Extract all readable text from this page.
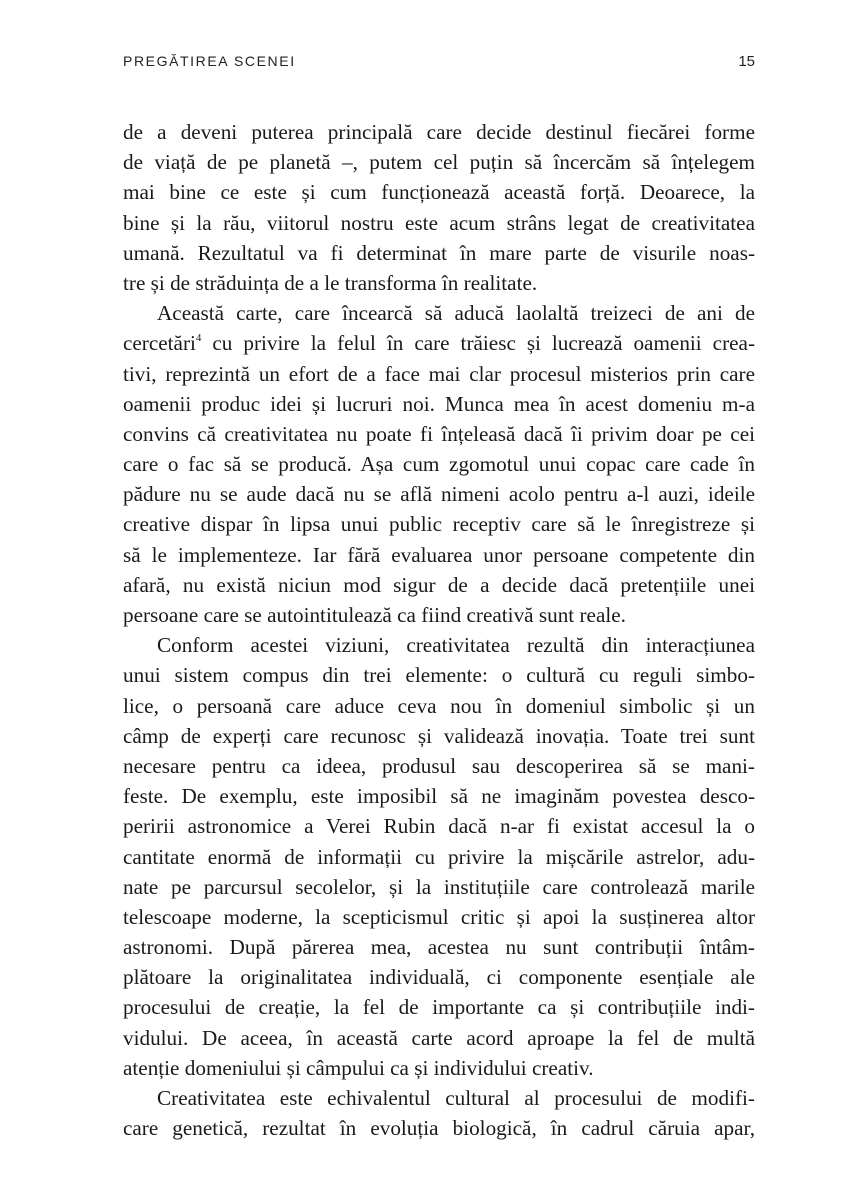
PREGĂTIREA SCENEI	15
de a deveni puterea principală care decide destinul fiecărei forme
de viață de pe planetă –, putem cel puțin să încercăm să înțelegem
mai bine ce este și cum funcționează această forță. Deoarece, la
bine și la rău, viitorul nostru este acum strâns legat de creativitatea
umană. Rezultatul va fi determinat în mare parte de visurile noas-
tre și de străduința de a le transforma în realitate.
Această carte, care încearcă să aducă laolaltă treizeci de ani de
cercetări$^4$ cu privire la felul în care trăiesc și lucrează oamenii crea-
tivi, reprezintă un efort de a face mai clar procesul misterios prin care
oamenii produc idei și lucruri noi. Munca mea în acest domeniu m-a
convins că creativitatea nu poate fi înțeleasă dacă îi privim doar pe cei
care o fac să se producă. Așa cum zgomotul unui copac care cade în
pădure nu se aude dacă nu se află nimeni acolo pentru a-l auzi, ideile
creative dispar în lipsa unui public receptiv care să le înregistreze și
să le implementeze. Iar fără evaluarea unor persoane competente din
afară, nu există niciun mod sigur de a decide dacă pretențiile unei
persoane care se autointitulează ca fiind creativă sunt reale.
Conform acestei viziuni, creativitatea rezultă din interacțiunea
unui sistem compus din trei elemente: o cultură cu reguli simbo-
lice, o persoană care aduce ceva nou în domeniul simbolic și un
câmp de experți care recunosc și validează inovația. Toate trei sunt
necesare pentru ca ideea, produsul sau descoperirea să se mani-
feste. De exemplu, este imposibil să ne imaginăm povestea desco-
peririi astronomice a Verei Rubin dacă n-ar fi existat accesul la o
cantitate enormă de informații cu privire la mișcările astrelor, adu-
nate pe parcursul secolelor, și la instituțiile care controlează marile
telescoape moderne, la scepticismul critic și apoi la susținerea altor
astronomi. După părerea mea, acestea nu sunt contribuții întâm-
plătoare la originalitatea individuală, ci componente esențiale ale
procesului de creație, la fel de importante ca și contribuțiile indi-
vidului. De aceea, în această carte acord aproape la fel de multă
atenție domeniului și câmpului ca și individului creativ.
Creativitatea este echivalentul cultural al procesului de modifi-
care genetică, rezultat în evoluția biologică, în cadrul căruia apar,
